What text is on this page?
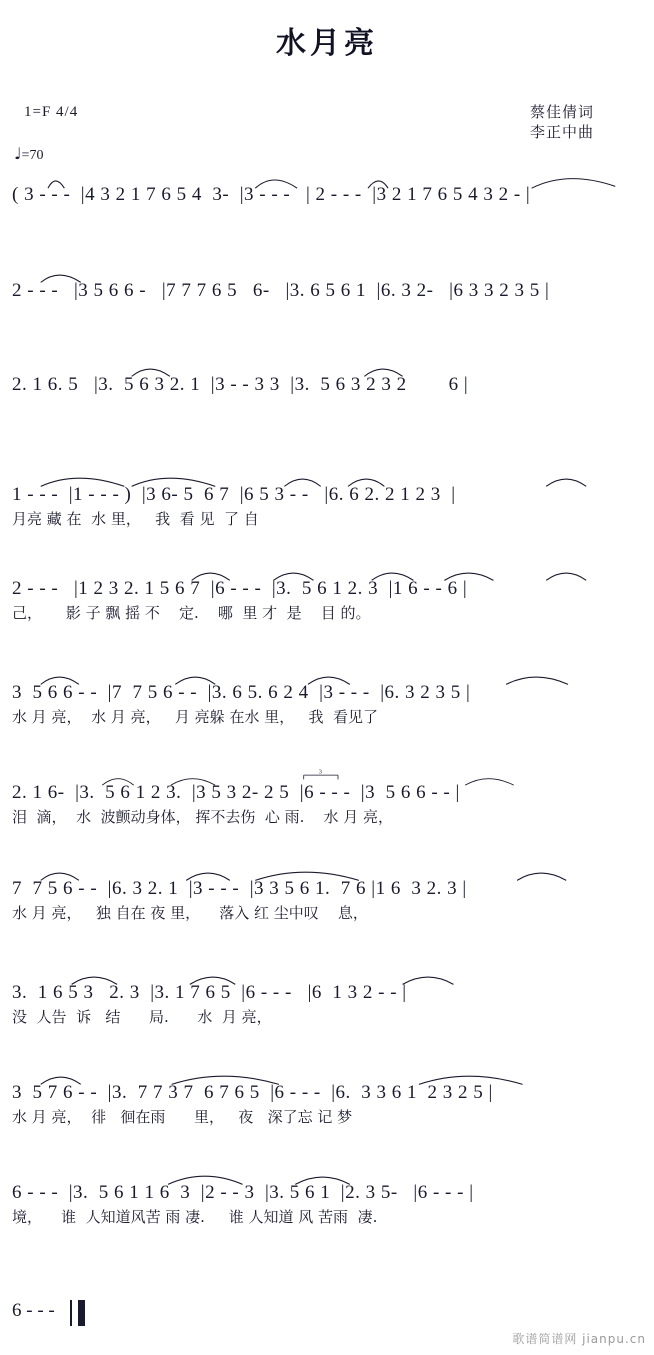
水月亮
1=F 4/4
♩=70
蔡佳倩词
李正中曲
( 3 - - -  |4 3 2 1 7 6 5 4  3-  |3 - - -   | 2 - - -  |3 2 1 7 6 5 4 3 2 - |
2 - - -   |3 5 6 6 -   |7 7 7 6 5   6-   |3. 6 5 6 1  |6. 3 2-   |6 3 3 2 3 5 |
2. 1 6. 5   |3.  5 6 3 2. 1  |3 - - 3 3  |3.  5 6 3 2 3 2        6 |
1 - - -  |1 - - - )  |3 6- 5  6 7  |6 5 3 - -   |6. 6 2. 2 1 2 3  |
月亮 藏 在  水 里，   我  看 见  了 自
2 - - -   |1 2 3 2. 1 5 6 7  |6 - - -  |3.  5 6 1 2. 3  |1 6 - - 6 |
己，     影 子 飘 摇 不    定.    哪  里 才  是    目 的。
3  5 6 6 - -  |7  7 5 6 - -  |3. 6 5. 6 2 4  |3 - - -  |6. 3 2 3 5 |
水 月 亮，  水 月 亮，   月 亮躲 在水 里，   我  看见了
3
2. 1 6-  |3.  5 6 1 2 3.  |3 5 3 2- 2 5  |6 - - -  |3  5 6 6 - - |
泪  滴，  水  波颤动身体， 挥不去伤  心 雨.    水 月 亮，
7  7 5 6 - -  |6. 3 2. 1  |3 - - -  |3 3 5 6 1.  7 6 |1 6  3 2. 3 |
水 月 亮，   独 自在 夜 里，    落入 红 尘中叹    息，
3.  1 6 5 3   2. 3  |3. 1 7 6 5  |6 - - -   |6  1 3 2 - - |
没  人告  诉   结      局.      水  月 亮，
3  5 7 6 - -  |3.  7 7 3 7  6 7 6 5  |6 - - -  |6.  3 3 6 1  2 3 2 5 |
水 月 亮，  徘   徊在雨      里，   夜   深了忘 记 梦
6 - - -  |3.  5 6 1 1 6  3  |2 - - 3  |3. 5 6 1  |2. 3 5-   |6 - - - |
境，    谁  人知道风苦 雨 凄.     谁 人知道 风 苦雨  凄.
6 - - -
歌谱简谱网 jianpu.cn
